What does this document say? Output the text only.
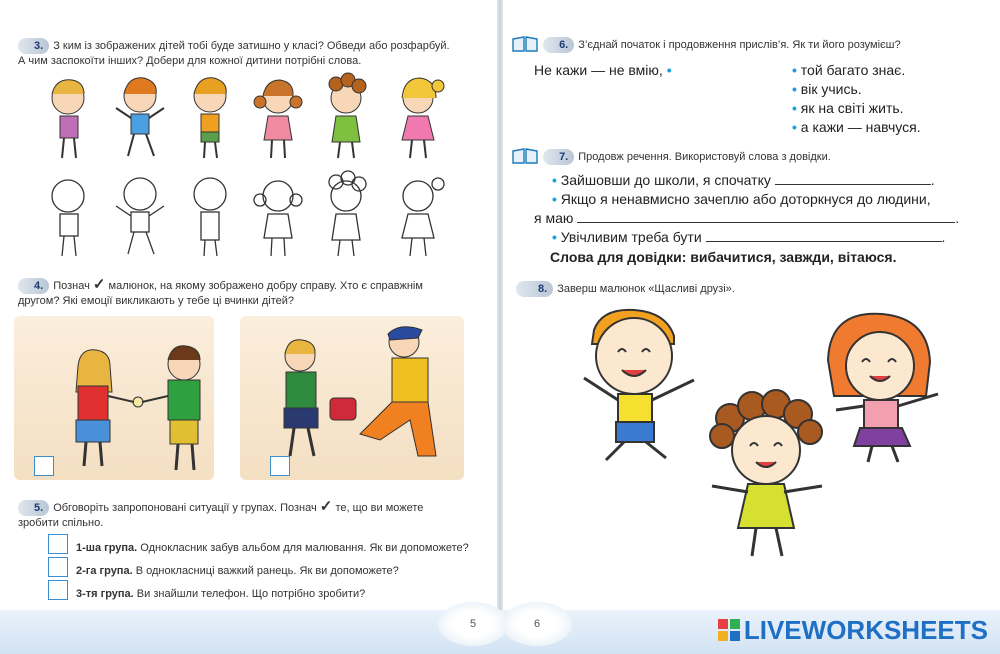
3. З ким із зображених дітей тобі буде затишно у класі? Обведи або розфарбуй.
А чим заспокоїти інших? Добери для кожної дитини потрібні слова.
4. Познач ✓ малюнок, на якому зображено добру справу. Хто є справжнім
другом? Які емоції викликають у тебе ці вчинки дітей?
5. Обговоріть запропоновані ситуації у групах. Познач ✓ те, що ви можете
зробити спільно.
1-ша група. Однокласник забув альбом для малювання. Як ви допоможете?
2-га група. В однокласниці важкий ранець. Як ви допоможете?
3-тя група. Ви знайшли телефон. Що потрібно зробити?
6. З’єднай початок і продовження прислів’я. Як ти його розумієш?
Не кажи — не вмію, •	• той багато знає.
• вік учись.
• як на світі жить.
• а кажи — навчуся.
7. Продовж речення. Використовуй слова з довідки.
• Зайшовши до школи, я спочатку	.
• Якщо я ненавмисно зачеплю або доторкнуся до людини,
я маю	.
• Увічливим треба бути	.
Слова для довідки: вибачитися, завжди, вітаюся.
8. Заверш малюнок «Щасливі друзі».
5	6	LIVEWORKSHEETS
